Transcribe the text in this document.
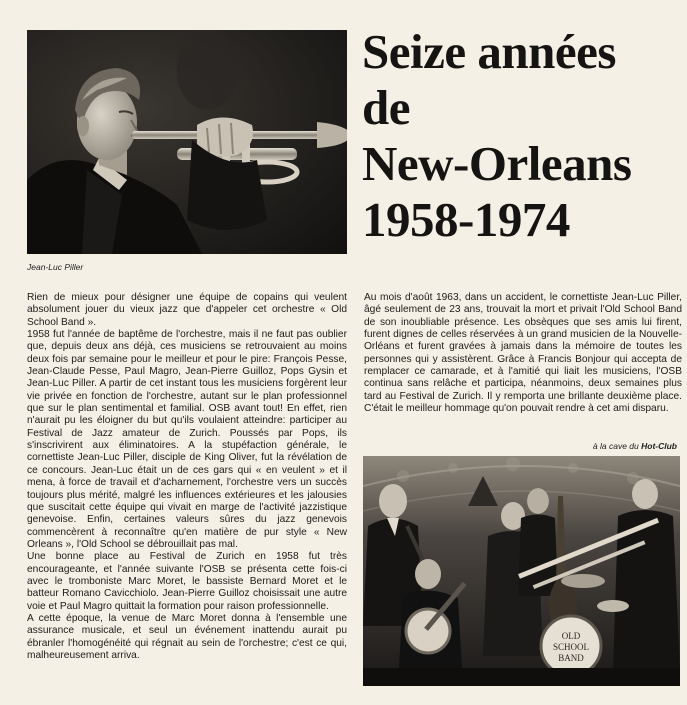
Seize années
de
New-Orleans
1958-1974
Jean-Luc Piller

Rien de mieux pour désigner une équipe de copains qui veulent absolument jouer du vieux jazz que d'appeler cet orchestre « Old School Band ».

1958 fut l'année de baptême de l'orchestre, mais il ne faut pas oublier que, depuis deux ans déjà, ces musiciens se retrouvaient au moins deux fois par semaine pour le meilleur et pour le pire: François Pesse, Jean-Claude Pesse, Paul Magro, Jean-Pierre Guilloz, Pops Gysin et Jean-Luc Piller. A partir de cet instant tous les musiciens forgèrent leur vie privée en fonction de l'orchestre, autant sur le plan professionnel que sur le plan sentimental et familial. OSB avant tout! En effet, rien n'aurait pu les éloigner du but qu'ils voulaient atteindre: participer au Festival de Jazz amateur de Zurich. Poussés par Pops, ils s'inscrivirent aux éliminatoires. A la stupéfaction générale, le cornettiste Jean-Luc Piller, disciple de King Oliver, fut la révélation de ce concours. Jean-Luc était un de ces gars qui « en veulent » et il mena, à force de travail et d'acharnement, l'orchestre vers un succès toujours plus mérité, malgré les influences extérieures et les jalousies que suscitait cette équipe qui vivait en marge de l'activité jazzistique genevoise. Enfin, certaines valeurs sûres du jazz genevois commencèrent à reconnaître qu'en matière de pur style « New Orleans », l'Old School se débrouillait pas mal.

Une bonne place au Festival de Zurich en 1958 fut très encourageante, et l'année suivante l'OSB se présenta cette fois-ci avec le tromboniste Marc Moret, le bassiste Bernard Moret et le batteur Romano Cavicchiolo. Jean-Pierre Guilloz choisissait une autre voie et Paul Magro quittait la formation pour raison professionnelle.

A cette époque, la venue de Marc Moret donna à l'ensemble une assurance musicale, et seul un événement inattendu aurait pu ébranler l'homogénéité qui régnait au sein de l'orchestre; c'est ce qui, malheureusement arriva.

Au mois d'août 1963, dans un accident, le cornettiste Jean-Luc Piller, âgé seulement de 23 ans, trouvait la mort et privait l'Old School Band de son inoubliable présence. Les obsèques que ses amis lui firent, furent dignes de celles réservées à un grand musicien de la Nouvelle-Orléans et furent gravées à jamais dans la mémoire de toutes les personnes qui y assistèrent. Grâce à Francis Bonjour qui accepta de remplacer ce camarade, et à l'amitié qui liait les musiciens, l'OSB continua sans relâche et participa, néanmoins, deux semaines plus tard au Festival de Zurich. Il y remporta une brillante deuxième place. C'était le meilleur hommage qu'on pouvait rendre à cet ami disparu.

à la cave du Hot-Club
OLD
SCHOOL
BAND
